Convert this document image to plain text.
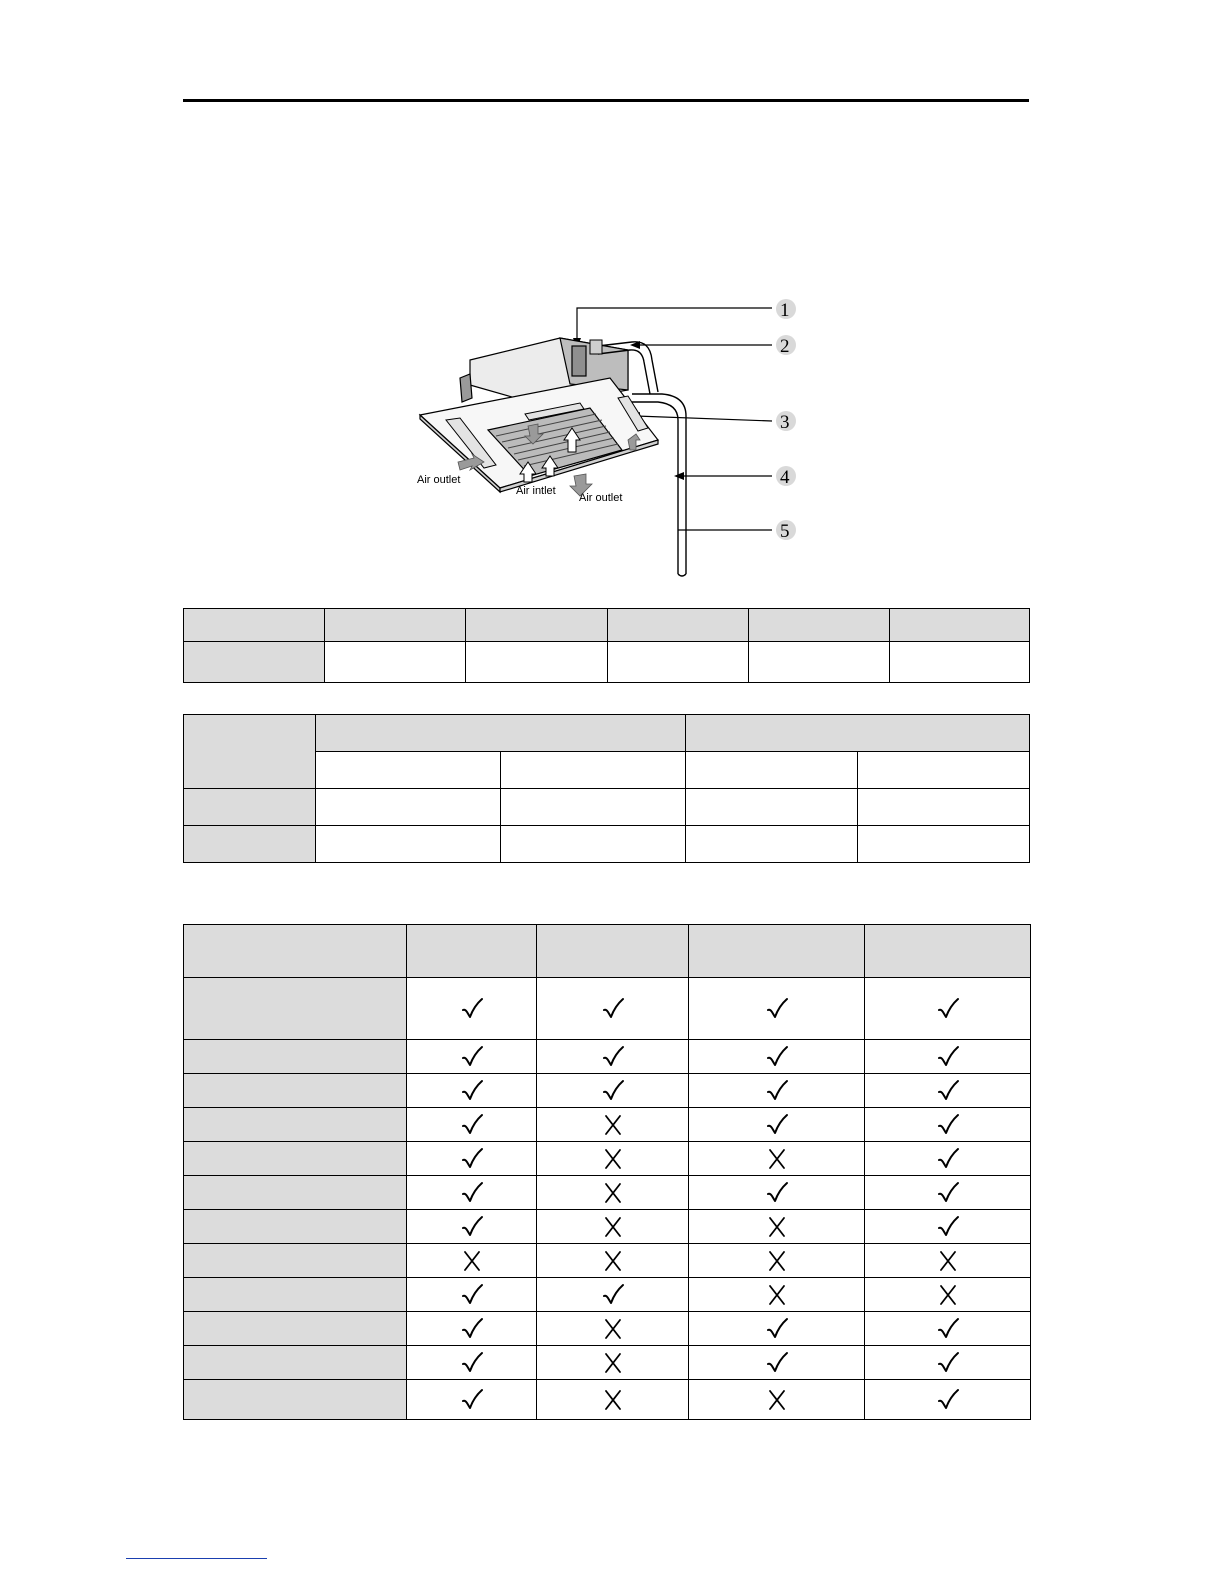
1
2
3
4
5
Air outlet
Air intlet
Air outlet
